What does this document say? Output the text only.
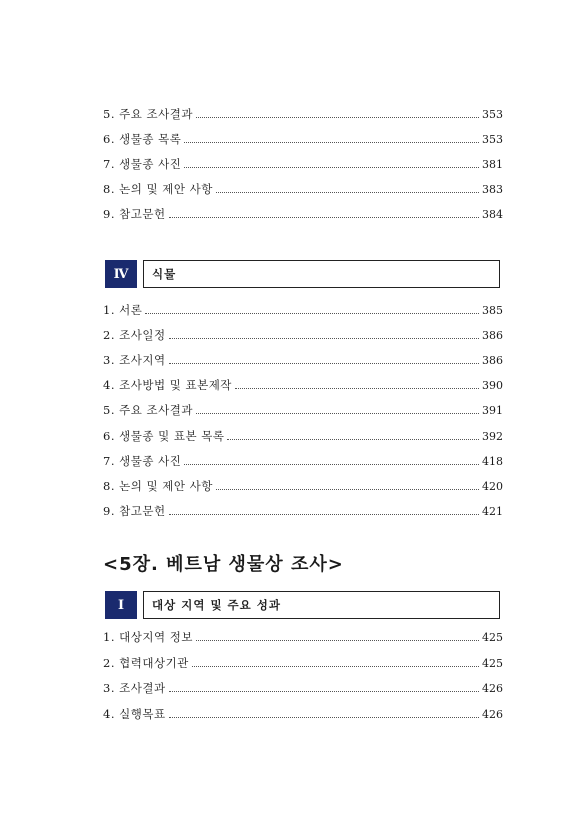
5. 주요 조사결과	353
6. 생물종 목록	353
7. 생물종 사진	381
8. 논의 및 제안 사항	383
9. 참고문헌	384
Ⅳ	식물
1. 서론	385
2. 조사일정	386
3. 조사지역	386
4. 조사방법 및 표본제작	390
5. 주요 조사결과	391
6. 생물종 및 표본 목록	392
7. 생물종 사진	418
8. 논의 및 제안 사항	420
9. 참고문헌	421
<5장. 베트남 생물상 조사>
Ⅰ	대상 지역 및 주요 성과
1. 대상지역 정보	425
2. 협력대상기관	425
3. 조사결과	426
4. 실행목표	426
